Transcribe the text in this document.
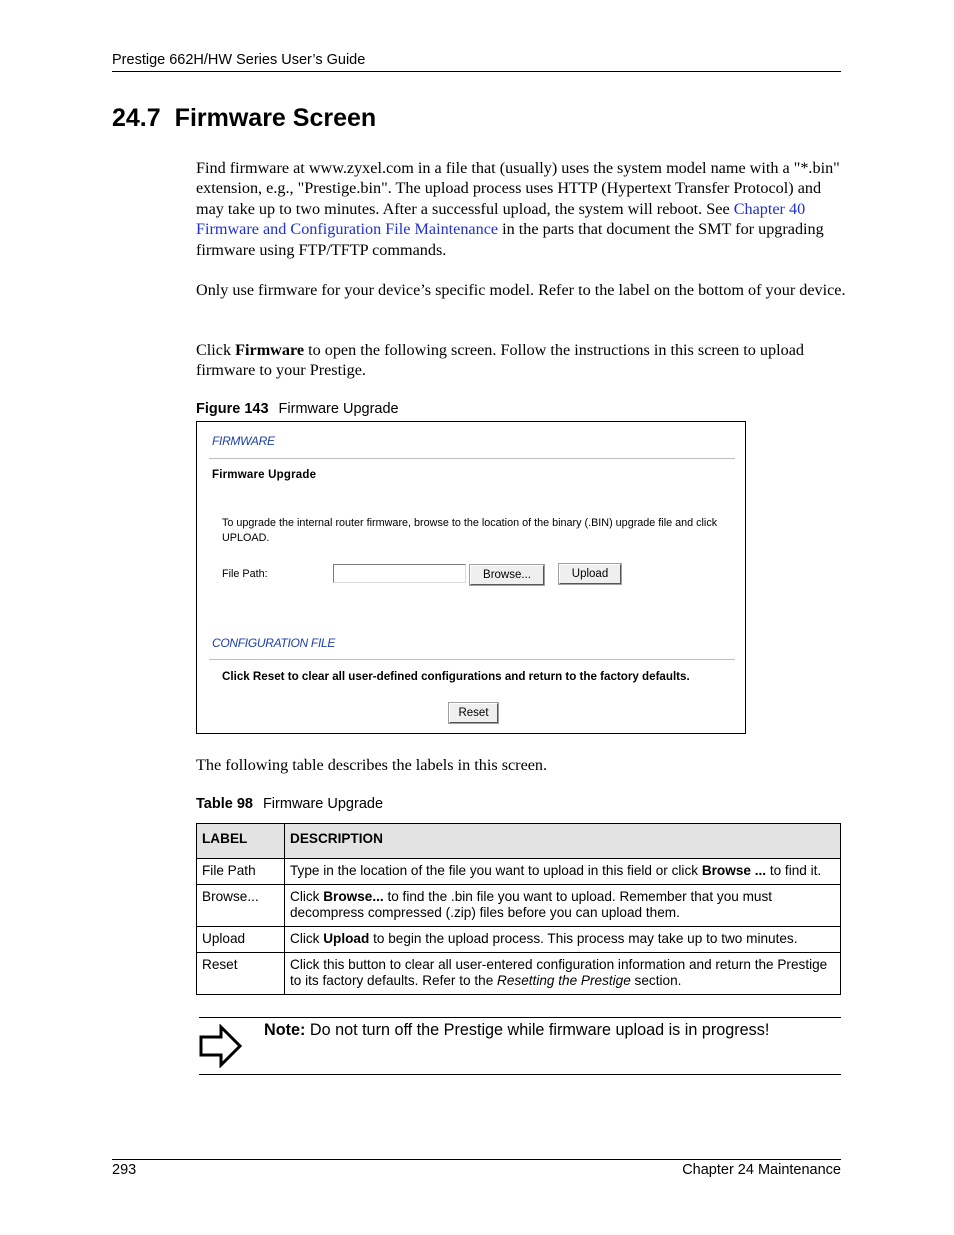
Prestige 662H/HW Series User’s Guide
24.7 Firmware Screen
Find firmware at www.zyxel.com in a file that (usually) uses the system model name with a "*.bin" extension, e.g., "Prestige.bin". The upload process uses HTTP (Hypertext Transfer Protocol) and may take up to two minutes. After a successful upload, the system will reboot. See Chapter 40 Firmware and Configuration File Maintenance in the parts that document the SMT for upgrading firmware using FTP/TFTP commands.
Only use firmware for your device’s specific model. Refer to the label on the bottom of your device.
Click Firmware to open the following screen. Follow the instructions in this screen to upload firmware to your Prestige.
Figure 143 Firmware Upgrade
FIRMWARE
Firmware Upgrade
To upgrade the internal router firmware, browse to the location of the binary (.BIN) upgrade file and click UPLOAD.
File Path:	Browse...	Upload
CONFIGURATION FILE
Click Reset to clear all user-defined configurations and return to the factory defaults.
Reset
The following table describes the labels in this screen.
Table 98 Firmware Upgrade
LABEL	DESCRIPTION
File Path	Type in the location of the file you want to upload in this field or click Browse ... to find it.
Browse...	Click Browse... to find the .bin file you want to upload. Remember that you must decompress compressed (.zip) files before you can upload them.
Upload	Click Upload to begin the upload process. This process may take up to two minutes.
Reset	Click this button to clear all user-entered configuration information and return the Prestige to its factory defaults. Refer to the Resetting the Prestige section.
Note: Do not turn off the Prestige while firmware upload is in progress!
293	Chapter 24 Maintenance
